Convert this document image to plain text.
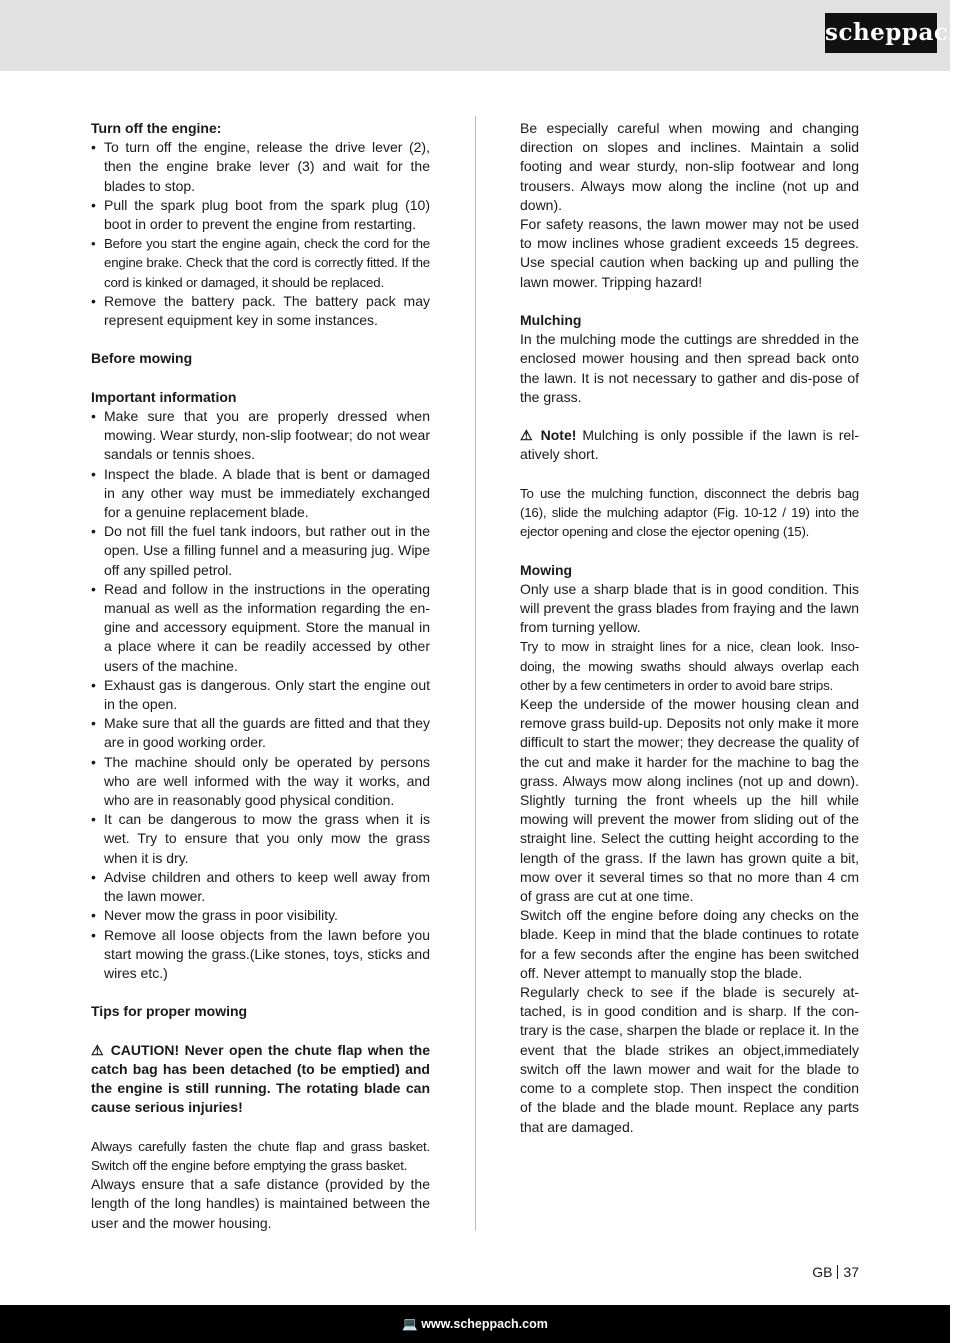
scheppach

Turn off the engine:

• To turn off the engine, release the drive lever (2), then the engine brake lever (3) and wait for the blades to stop.
• Pull the spark plug boot from the spark plug (10) boot in order to prevent the engine from restarting.
• Before you start the engine again, check the cord for the engine brake. Check that the cord is correctly fitted. If the cord is kinked or damaged, it should be replaced.
• Remove the battery pack. The battery pack may represent equipment key in some instances.

Before mowing

Important information

• Make sure that you are properly dressed when mowing. Wear sturdy, non-slip footwear; do not wear sandals or tennis shoes.
• Inspect the blade. A blade that is bent or damaged in any other way must be immediately exchanged for a genuine replacement blade.
• Do not fill the fuel tank indoors, but rather out in the open. Use a filling funnel and a measuring jug. Wipe off any spilled petrol.
• Read and follow in the instructions in the operating manual as well as the information regarding the en-gine and accessory equipment. Store the manual in a place where it can be readily accessed by other users of the machine.
• Exhaust gas is dangerous. Only start the engine out in the open.
• Make sure that all the guards are fitted and that they are in good working order.
• The machine should only be operated by persons who are well informed with the way it works, and who are in reasonably good physical condition.
• It can be dangerous to mow the grass when it is wet. Try to ensure that you only mow the grass when it is dry.
• Advise children and others to keep well away from the lawn mower.
• Never mow the grass in poor visibility.
• Remove all loose objects from the lawn before you start mowing the grass.(Like stones, toys, sticks and wires etc.)

Tips for proper mowing

⚠ CAUTION! Never open the chute flap when the catch bag has been detached (to be emptied) and the engine is still running. The rotating blade can cause serious injuries!

Always carefully fasten the chute flap and grass basket. Switch off the engine before emptying the grass basket.

Always ensure that a safe distance (provided by the length of the long handles) is maintained between the user and the mower housing.

Be especially careful when mowing and changing direction on slopes and inclines. Maintain a solid footing and wear sturdy, non-slip footwear and long trousers. Always mow along the incline (not up and down).

For safety reasons, the lawn mower may not be used to mow inclines whose gradient exceeds 15 degrees. Use special caution when backing up and pulling the lawn mower. Tripping hazard!

Mulching

In the mulching mode the cuttings are shredded in the enclosed mower housing and then spread back onto the lawn. It is not necessary to gather and dis-pose of the grass.

⚠ Note! Mulching is only possible if the lawn is rel-atively short.

To use the mulching function, disconnect the debris bag (16), slide the mulching adaptor (Fig. 10-12 / 19) into the ejector opening and close the ejector opening (15).

Mowing

Only use a sharp blade that is in good condition. This will prevent the grass blades from fraying and the lawn from turning yellow.

Try to mow in straight lines for a nice, clean look. Inso-doing, the mowing swaths should always overlap each other by a few centimeters in order to avoid bare strips.

Keep the underside of the mower housing clean and remove grass build-up. Deposits not only make it more difficult to start the mower; they decrease the quality of the cut and make it harder for the machine to bag the grass. Always mow along inclines (not up and down). Slightly turning the front wheels up the hill while mowing will prevent the mower from sliding out of the straight line. Select the cutting height according to the length of the grass. If the lawn has grown quite a bit, mow over it several times so that no more than 4 cm of grass are cut at one time.

Switch off the engine before doing any checks on the blade. Keep in mind that the blade continues to rotate for a few seconds after the engine has been switched off. Never attempt to manually stop the blade.

Regularly check to see if the blade is securely at-tached, is in good condition and is sharp. If the con-trary is the case, sharpen the blade or replace it. In the event that the blade strikes an object,immediately switch off the lawn mower and wait for the blade to come to a complete stop. Then inspect the condition of the blade and the blade mount. Replace any parts that are damaged.

GB 37
💻 www.scheppach.com
